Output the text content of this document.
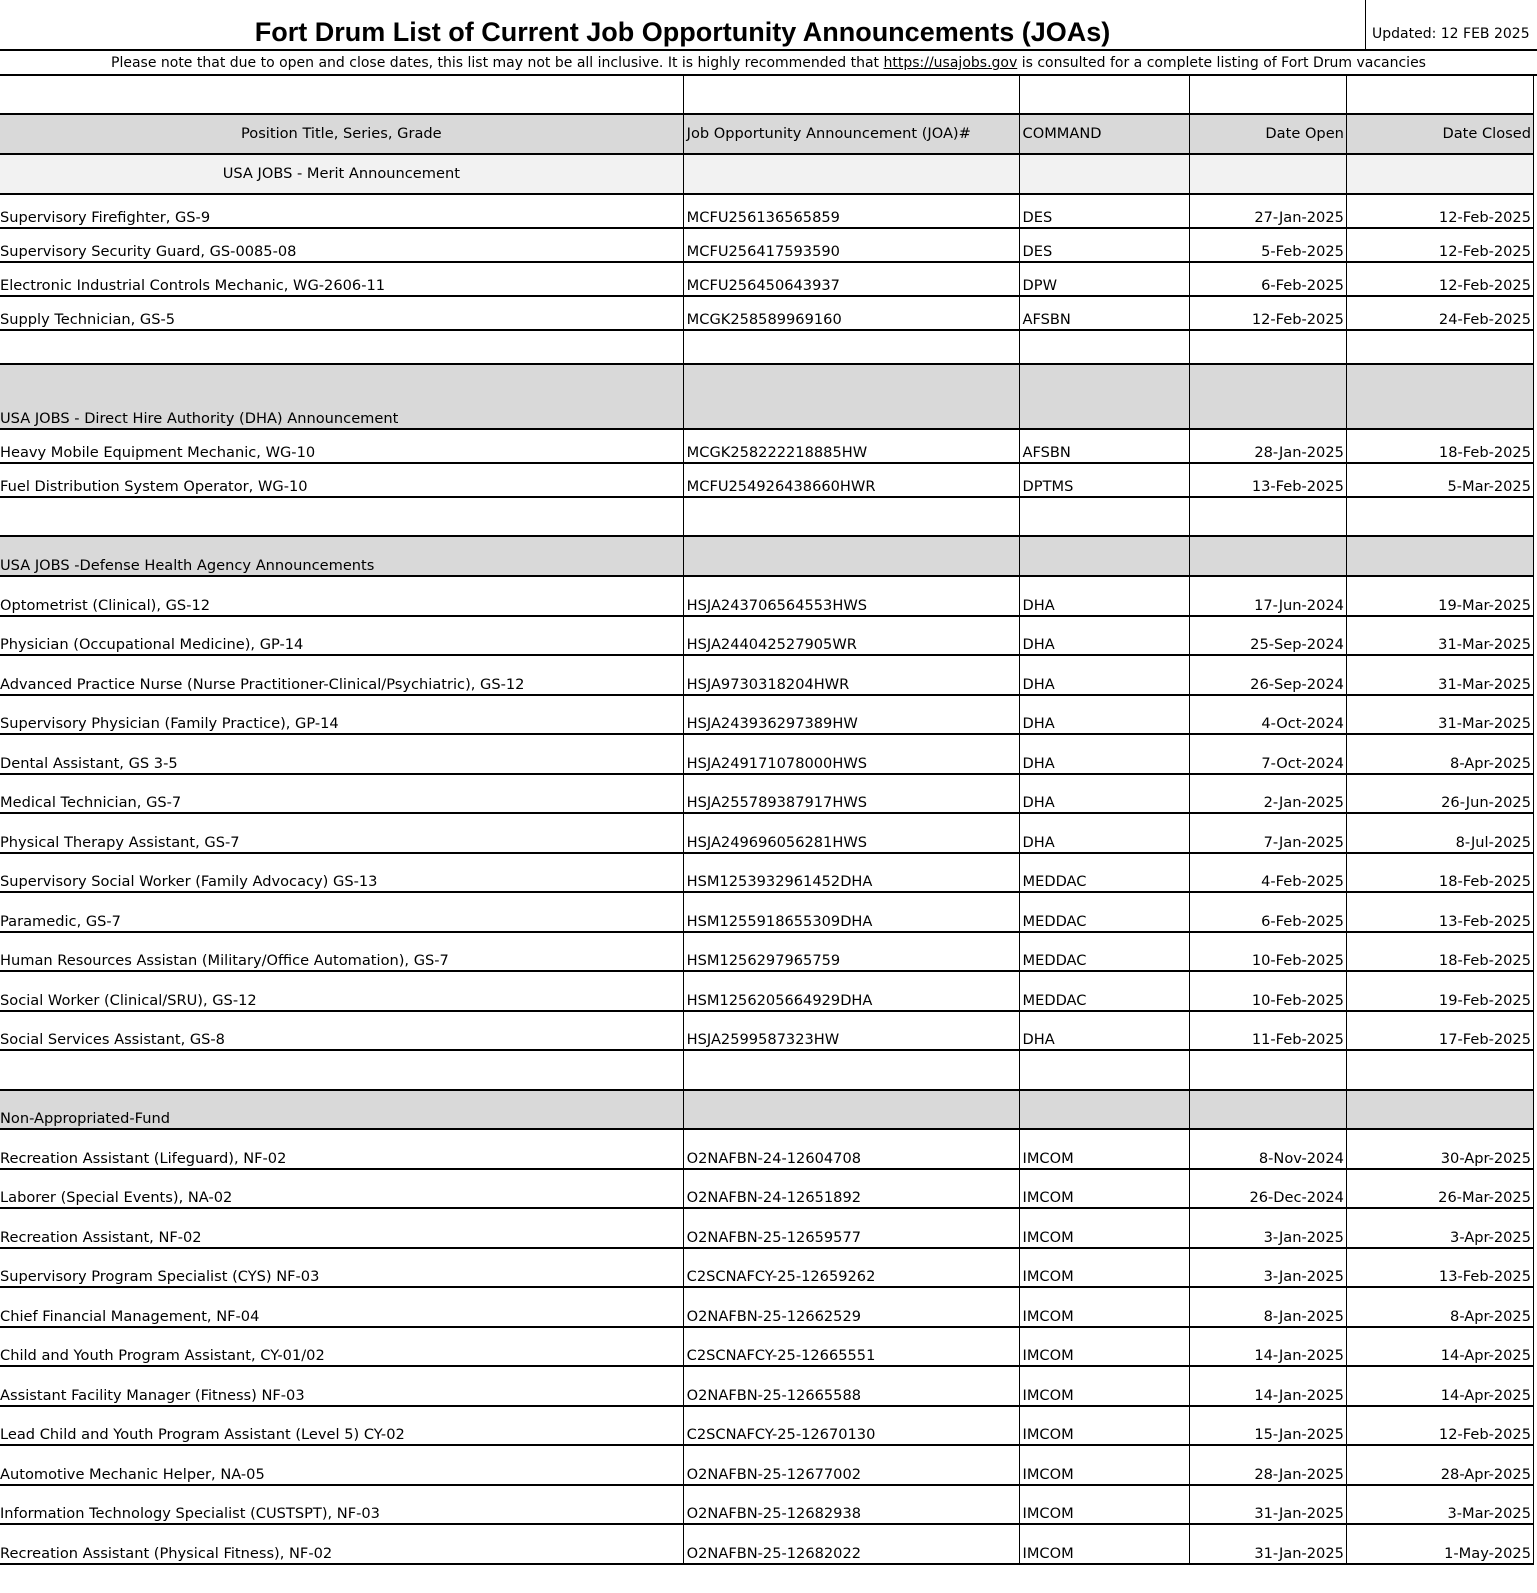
Fort Drum List of Current Job Opportunity Announcements (JOAs)	Updated: 12 FEB 2025
Please note that due to open and close dates, this list may not be all inclusive. It is highly recommended that https://usajobs.gov is consulted for a complete listing of Fort Drum vacancies

Position Title, Series, Grade	Job Opportunity Announcement (JOA)#	COMMAND	Date Open	Date Closed
USA JOBS - Merit Announcement				
Supervisory Firefighter, GS-9	MCFU256136565859	DES	27-Jan-2025	12-Feb-2025
Supervisory Security Guard, GS-0085-08	MCFU256417593590	DES	5-Feb-2025	12-Feb-2025
Electronic Industrial Controls Mechanic, WG-2606-11	MCFU256450643937	DPW	6-Feb-2025	12-Feb-2025
Supply Technician, GS-5	MCGK258589969160	AFSBN	12-Feb-2025	24-Feb-2025

USA JOBS - Direct Hire Authority (DHA) Announcement				
Heavy Mobile Equipment Mechanic, WG-10	MCGK258222218885HW	AFSBN	28-Jan-2025	18-Feb-2025
Fuel Distribution System Operator, WG-10	MCFU254926438660HWR	DPTMS	13-Feb-2025	5-Mar-2025

USA JOBS -Defense Health Agency Announcements				
Optometrist (Clinical), GS-12	HSJA243706564553HWS	DHA	17-Jun-2024	19-Mar-2025
Physician (Occupational Medicine), GP-14	HSJA244042527905WR	DHA	25-Sep-2024	31-Mar-2025
Advanced Practice Nurse (Nurse Practitioner-Clinical/Psychiatric), GS-12	HSJA9730318204HWR	DHA	26-Sep-2024	31-Mar-2025
Supervisory Physician (Family Practice), GP-14	HSJA243936297389HW	DHA	4-Oct-2024	31-Mar-2025
Dental Assistant, GS 3-5	HSJA249171078000HWS	DHA	7-Oct-2024	8-Apr-2025
Medical Technician, GS-7	HSJA255789387917HWS	DHA	2-Jan-2025	26-Jun-2025
Physical Therapy Assistant, GS-7	HSJA249696056281HWS	DHA	7-Jan-2025	8-Jul-2025
Supervisory Social Worker (Family Advocacy) GS-13	HSM1253932961452DHA	MEDDAC	4-Feb-2025	18-Feb-2025
Paramedic, GS-7	HSM1255918655309DHA	MEDDAC	6-Feb-2025	13-Feb-2025
Human Resources Assistan (Military/Office Automation), GS-7	HSM1256297965759	MEDDAC	10-Feb-2025	18-Feb-2025
Social Worker (Clinical/SRU), GS-12	HSM1256205664929DHA	MEDDAC	10-Feb-2025	19-Feb-2025
Social Services Assistant, GS-8	HSJA2599587323HW	DHA	11-Feb-2025	17-Feb-2025

Non-Appropriated-Fund				
Recreation Assistant (Lifeguard), NF-02	O2NAFBN-24-12604708	IMCOM	8-Nov-2024	30-Apr-2025
Laborer (Special Events), NA-02	O2NAFBN-24-12651892	IMCOM	26-Dec-2024	26-Mar-2025
Recreation Assistant, NF-02	O2NAFBN-25-12659577	IMCOM	3-Jan-2025	3-Apr-2025
Supervisory Program Specialist (CYS) NF-03	C2SCNAFCY-25-12659262	IMCOM	3-Jan-2025	13-Feb-2025
Chief Financial Management, NF-04	O2NAFBN-25-12662529	IMCOM	8-Jan-2025	8-Apr-2025
Child and Youth Program Assistant, CY-01/02	C2SCNAFCY-25-12665551	IMCOM	14-Jan-2025	14-Apr-2025
Assistant Facility Manager (Fitness) NF-03	O2NAFBN-25-12665588	IMCOM	14-Jan-2025	14-Apr-2025
Lead Child and Youth Program Assistant (Level 5) CY-02	C2SCNAFCY-25-12670130	IMCOM	15-Jan-2025	12-Feb-2025
Automotive Mechanic Helper, NA-05	O2NAFBN-25-12677002	IMCOM	28-Jan-2025	28-Apr-2025
Information Technology Specialist (CUSTSPT), NF-03	O2NAFBN-25-12682938	IMCOM	31-Jan-2025	3-Mar-2025
Recreation Assistant (Physical Fitness), NF-02	O2NAFBN-25-12682022	IMCOM	31-Jan-2025	1-May-2025
